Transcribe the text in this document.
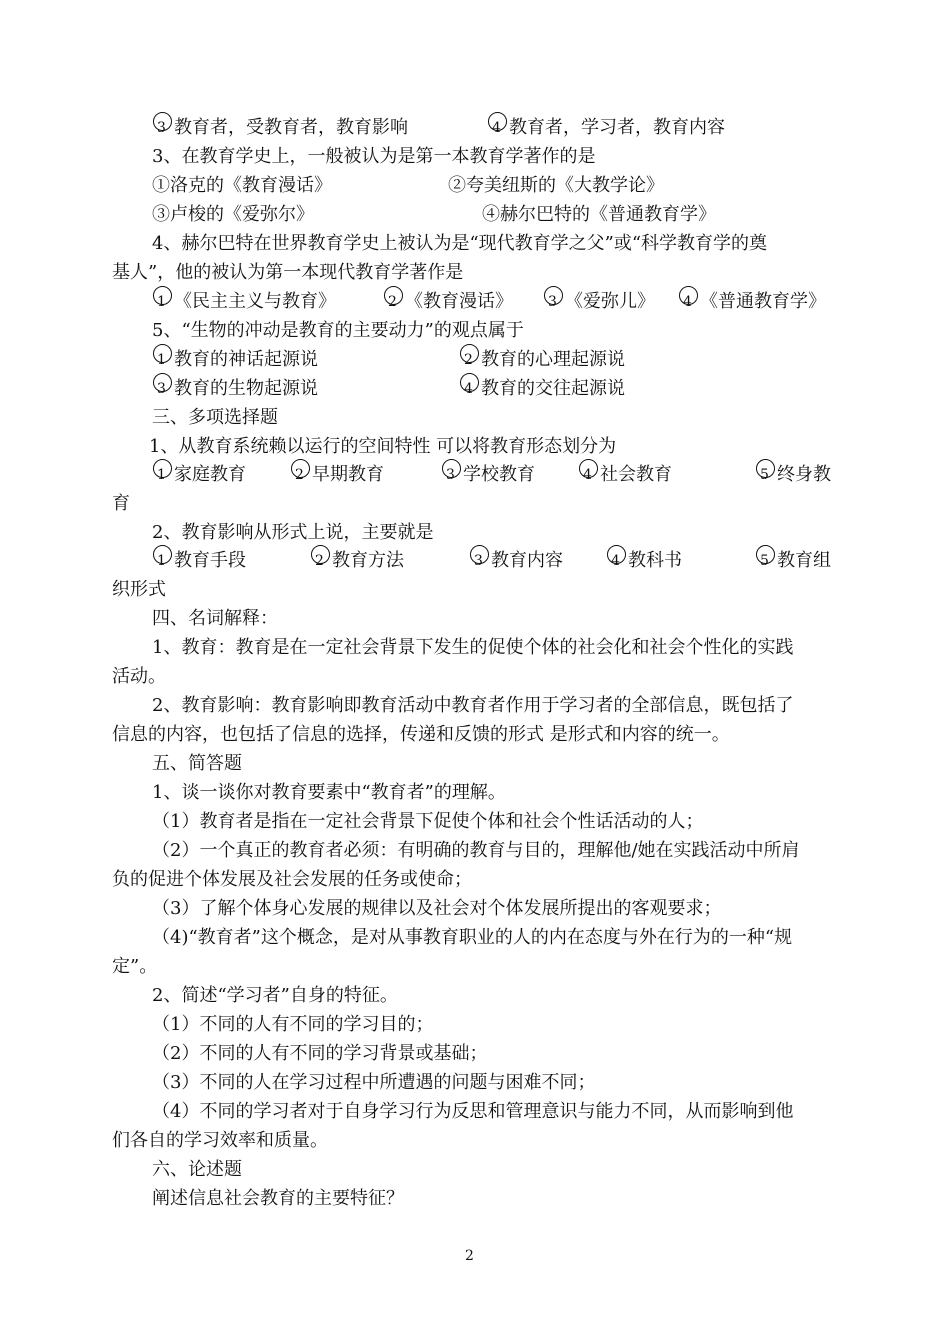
3 教育者，受教育者，教育影响	4 教育者，学习者，教育内容
3、在教育学史上，一般被认为是第一本教育学著作的是
①洛克的《教育漫话》	②夸美纽斯的《大教学论》
③卢梭的《爱弥尔》	④赫尔巴特的《普通教育学》
4、赫尔巴特在世界教育学史上被认为是“现代教育学之父”或“科学教育学的奠
基人”，他的被认为第一本现代教育学著作是
1 《民主主义与教育》	2 《教育漫话》	3 《爱弥儿》 4 《普通教育学》
5、“生物的冲动是教育的主要动力”的观点属于
1 教育的神话起源说	2 教育的心理起源说
3 教育的生物起源说	4 教育的交往起源说
三、多项选择题
1、从教育系统赖以运行的空间特性 可以将教育形态划分为
1 家庭教育	2 早期教育	3 学校教育	4 社会教育	5 终身教
育
2、教育影响从形式上说，主要就是
1 教育手段	2 教育方法	3 教育内容	4 教科书	5 教育组
织形式
四、名词解释：
1、教育：教育是在一定社会背景下发生的促使个体的社会化和社会个性化的实践
活动。
2、教育影响：教育影响即教育活动中教育者作用于学习者的全部信息，既包括了
信息的内容，也包括了信息的选择，传递和反馈的形式 是形式和内容的统一。
五、简答题
1、谈一谈你对教育要素中“教育者”的理解。
（1）教育者是指在一定社会背景下促使个体和社会个性话活动的人；
（2）一个真正的教育者必须：有明确的教育与目的，理解他/她在实践活动中所肩
负的促进个体发展及社会发展的任务或使命；
（3）了解个体身心发展的规律以及社会对个体发展所提出的客观要求；
（4)“教育者”这个概念，是对从事教育职业的人的内在态度与外在行为的一种“规
定”。
2、简述“学习者”自身的特征。
（1）不同的人有不同的学习目的；
（2）不同的人有不同的学习背景或基础；
（3）不同的人在学习过程中所遭遇的问题与困难不同；
（4）不同的学习者对于自身学习行为反思和管理意识与能力不同，从而影响到他
们各自的学习效率和质量。
六、论述题
阐述信息社会教育的主要特征？
2
